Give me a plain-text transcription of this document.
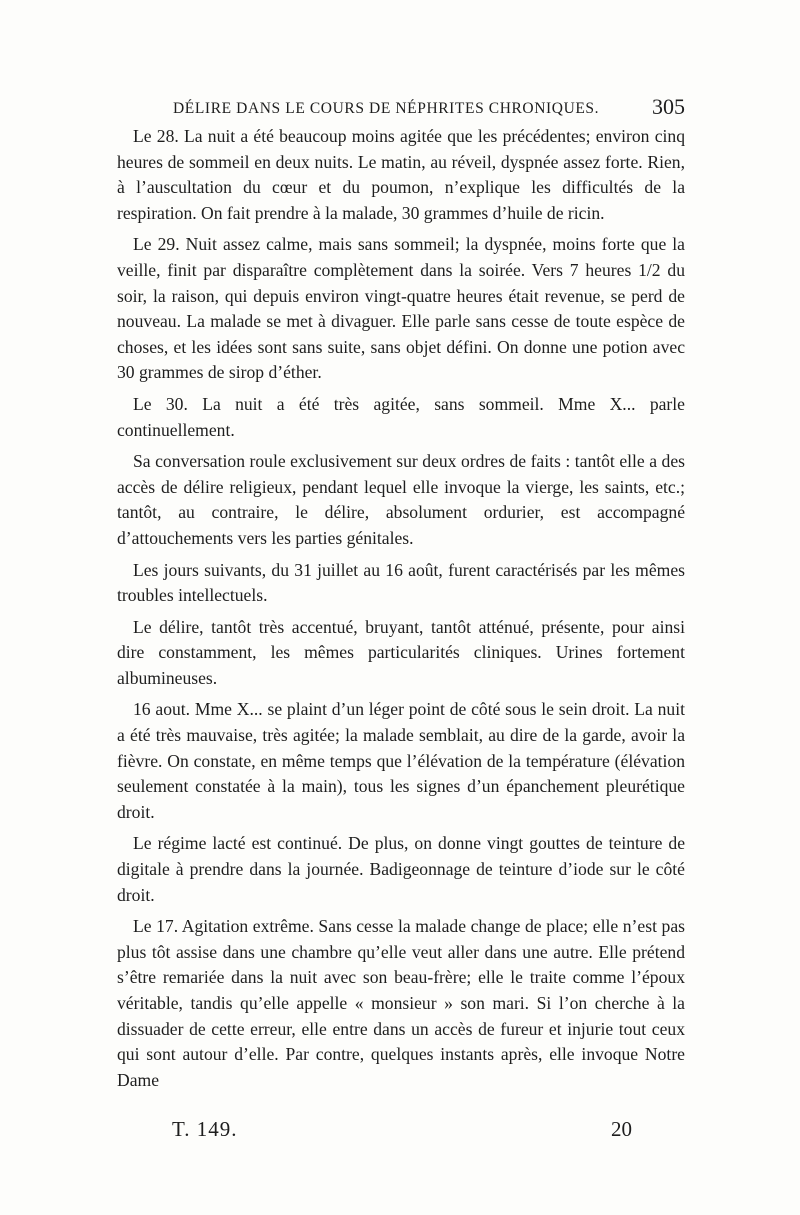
DÉLIRE DANS LE COURS DE NÉPHRITES CHRONIQUES. 305

Le 28. La nuit a été beaucoup moins agitée que les précédentes; environ cinq heures de sommeil en deux nuits. Le matin, au réveil, dyspnée assez forte. Rien, à l’auscultation du cœur et du poumon, n’explique les difficultés de la respiration. On fait prendre à la malade, 30 grammes d’huile de ricin.

Le 29. Nuit assez calme, mais sans sommeil; la dyspnée, moins forte que la veille, finit par disparaître complètement dans la soirée. Vers 7 heures 1/2 du soir, la raison, qui depuis environ vingt-quatre heures était revenue, se perd de nouveau. La malade se met à divaguer. Elle parle sans cesse de toute espèce de choses, et les idées sont sans suite, sans objet défini. On donne une potion avec 30 grammes de sirop d’éther.

Le 30. La nuit a été très agitée, sans sommeil. Mme X... parle continuellement.

Sa conversation roule exclusivement sur deux ordres de faits : tantôt elle a des accès de délire religieux, pendant lequel elle invoque la vierge, les saints, etc.; tantôt, au contraire, le délire, absolument ordurier, est accompagné d’attouchements vers les parties génitales.

Les jours suivants, du 31 juillet au 16 août, furent caractérisés par les mêmes troubles intellectuels.

Le délire, tantôt très accentué, bruyant, tantôt atténué, présente, pour ainsi dire constamment, les mêmes particularités cliniques. Urines fortement albumineuses.

16 aout. Mme X... se plaint d’un léger point de côté sous le sein droit. La nuit a été très mauvaise, très agitée; la malade semblait, au dire de la garde, avoir la fièvre. On constate, en même temps que l’élévation de la température (élévation seulement constatée à la main), tous les signes d’un épanchement pleurétique droit.

Le régime lacté est continué. De plus, on donne vingt gouttes de teinture de digitale à prendre dans la journée. Badigeonnage de teinture d’iode sur le côté droit.

Le 17. Agitation extrême. Sans cesse la malade change de place; elle n’est pas plus tôt assise dans une chambre qu’elle veut aller dans une autre. Elle prétend s’être remariée dans la nuit avec son beau-frère; elle le traite comme l’époux véritable, tandis qu’elle appelle « monsieur » son mari. Si l’on cherche à la dissuader de cette erreur, elle entre dans un accès de fureur et injurie tout ceux qui sont autour d’elle. Par contre, quelques instants après, elle invoque Notre Dame

T. 149.	20
